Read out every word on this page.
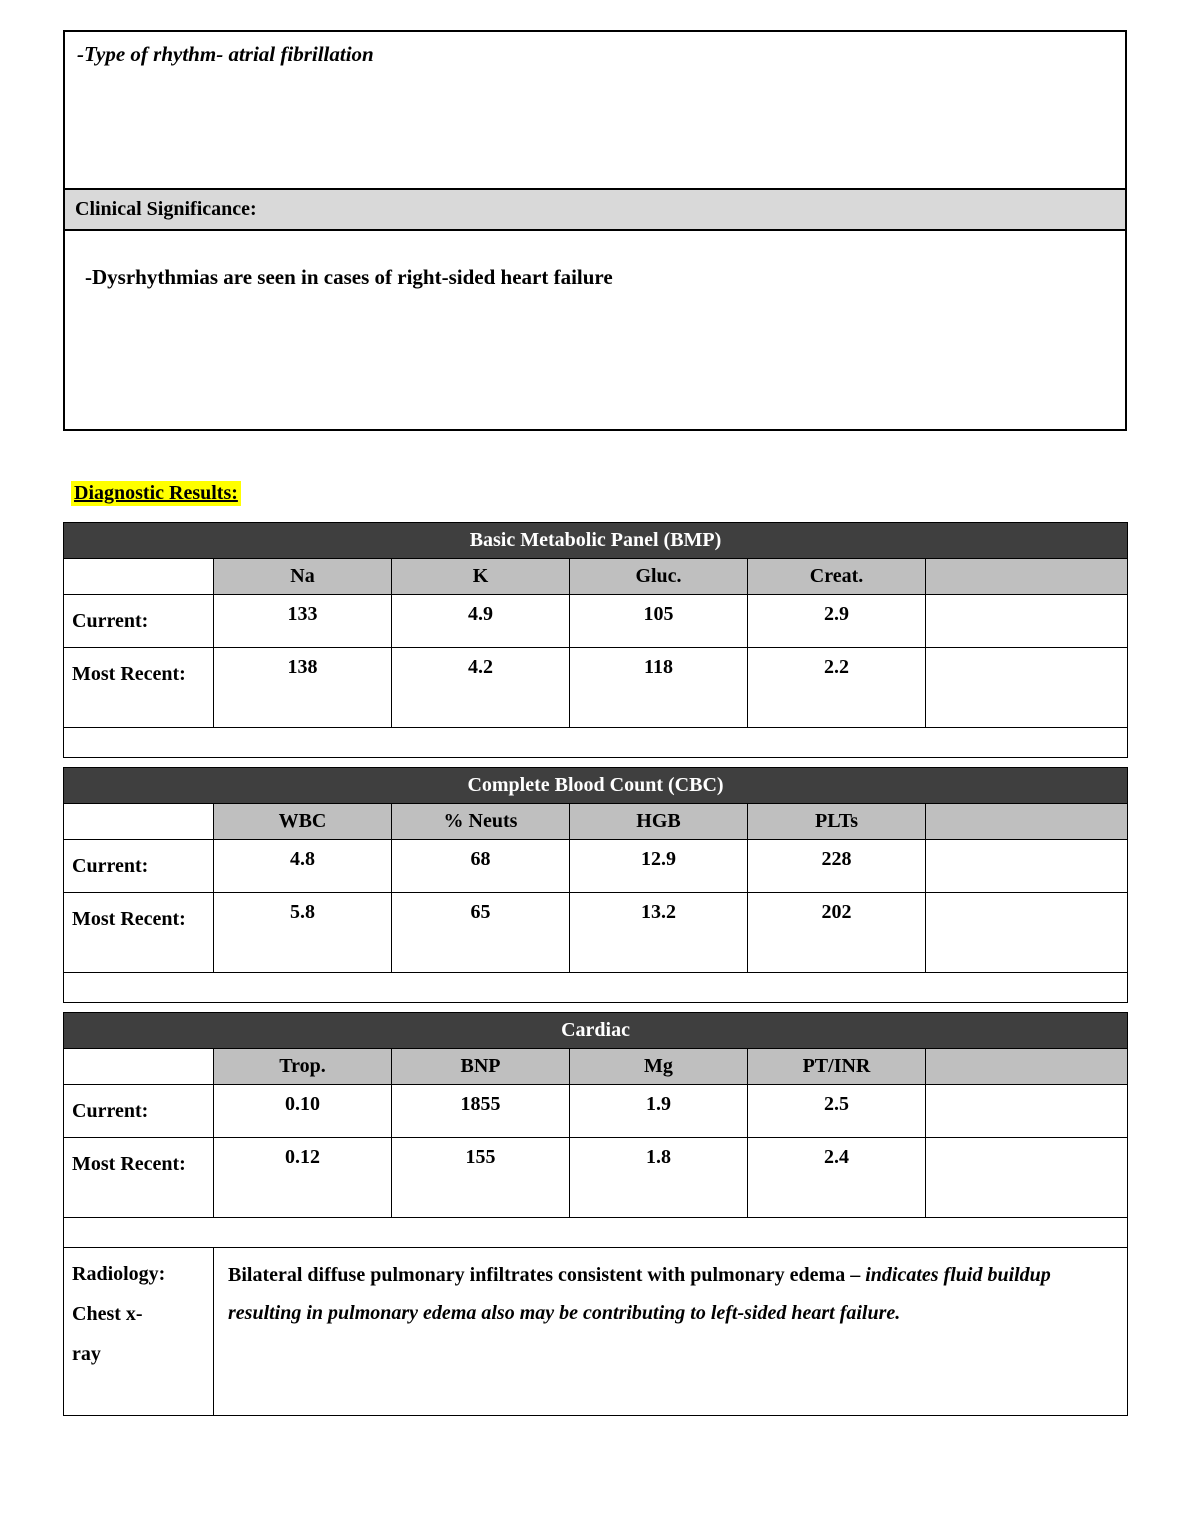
-Type of rhythm- atrial fibrillation
Clinical Significance:
-Dysrhythmias are seen in cases of right-sided heart failure
Diagnostic Results:
Basic Metabolic Panel (BMP)					
	Na	K	Gluc.	Creat.	
Current:	133	4.9	105	2.9	
Most Recent:	138	4.2	118	2.2	

Complete Blood Count (CBC)					
	WBC	% Neuts	HGB	PLTs	
Current:	4.8	68	12.9	228	
Most Recent:	5.8	65	13.2	202	

Cardiac					
	Trop.	BNP	Mg	PT/INR	
Current:	0.10	1855	1.9	2.5	
Most Recent:	0.12	155	1.8	2.4	

Radiology: Chest x-ray	Bilateral diffuse pulmonary infiltrates consistent with pulmonary edema – indicates fluid buildup resulting in pulmonary edema also may be contributing to left-sided heart failure.				
